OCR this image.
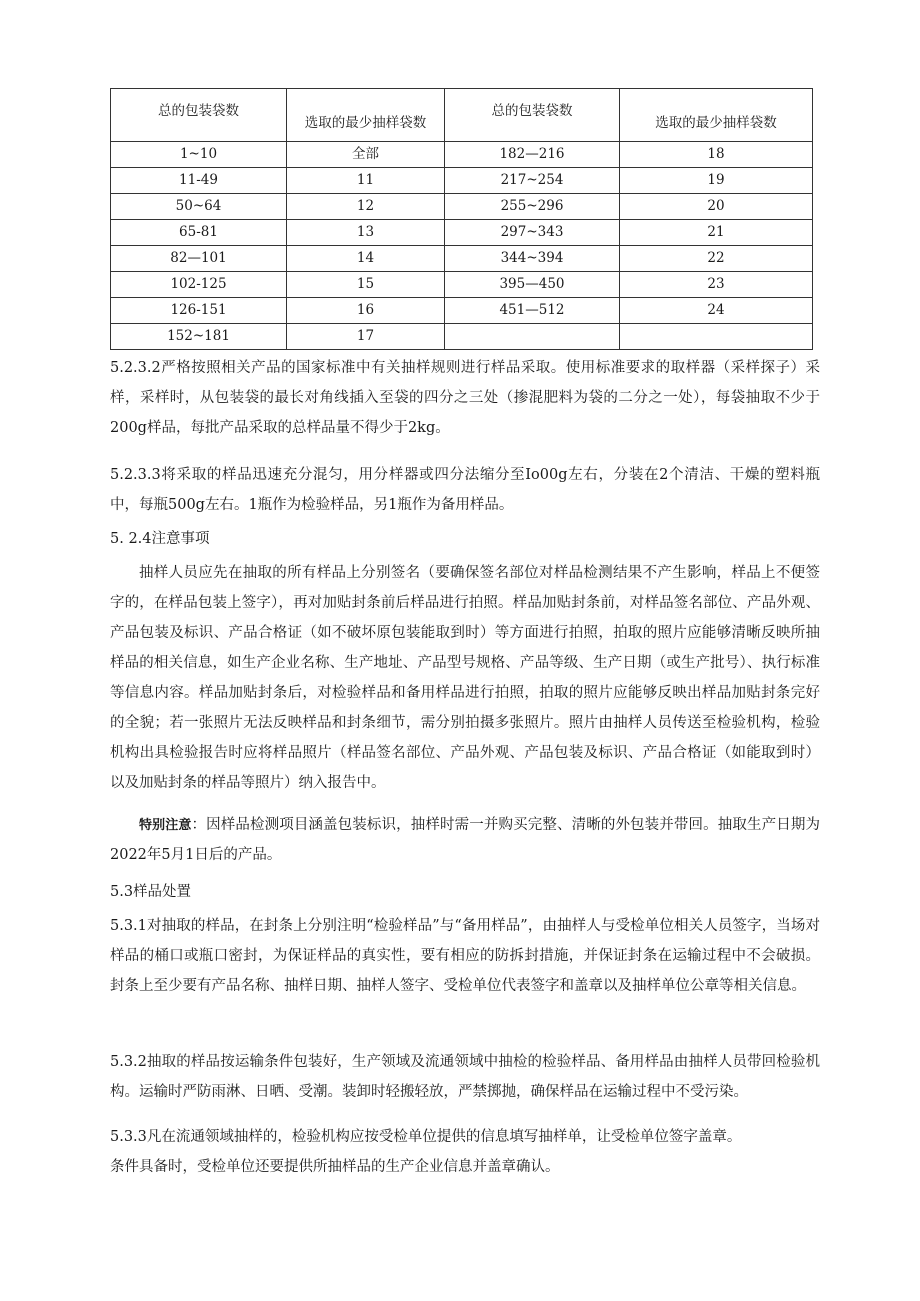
总的包装袋数	选取的最少抽样袋数	总的包装袋数	选取的最少抽样袋数

1~10	全部	182—216	18
11-49	11	217~254	19
50~64	12	255~296	20
65-81	13	297~343	21
82—101	14	344~394	22
102-125	15	395—450	23
126-151	16	451—512	24
152~181	17		

5.2.3.2严格按照相关产品的国家标准中有关抽样规则进行样品采取。使用标准要求的取样器（采样探子）采样，采样时，从包装袋的最长对角线插入至袋的四分之三处（掺混肥料为袋的二分之一处），每袋抽取不少于200g样品，每批产品采取的总样品量不得少于2kg。

5.2.3.3将采取的样品迅速充分混匀，用分样器或四分法缩分至Io00g左右，分装在2个清洁、干燥的塑料瓶中，每瓶500g左右。1瓶作为检验样品，另1瓶作为备用样品。

5. 2.4注意事项

抽样人员应先在抽取的所有样品上分别签名（要确保签名部位对样品检测结果不产生影响，样品上不便签字的，在样品包装上签字），再对加贴封条前后样品进行拍照。样品加贴封条前，对样品签名部位、产品外观、产品包装及标识、产品合格证（如不破坏原包装能取到时）等方面进行拍照，拍取的照片应能够清晰反映所抽样品的相关信息，如生产企业名称、生产地址、产品型号规格、产品等级、生产日期（或生产批号）、执行标准等信息内容。样品加贴封条后，对检验样品和备用样品进行拍照，拍取的照片应能够反映出样品加贴封条完好的全貌；若一张照片无法反映样品和封条细节，需分别拍摄多张照片。照片由抽样人员传送至检验机构，检验机构出具检验报告时应将样品照片（样品签名部位、产品外观、产品包装及标识、产品合格证（如能取到时）以及加贴封条的样品等照片）纳入报告中。

特别注意：因样品检测项目涵盖包装标识，抽样时需一并购买完整、清晰的外包装并带回。抽取生产日期为2022年5月1日后的产品。

5.3样品处置

5.3.1对抽取的样品，在封条上分别注明“检验样品”与“备用样品”，由抽样人与受检单位相关人员签字，当场对样品的桶口或瓶口密封，为保证样品的真实性，要有相应的防拆封措施，并保证封条在运输过程中不会破损。封条上至少要有产品名称、抽样日期、抽样人签字、受检单位代表签字和盖章以及抽样单位公章等相关信息。

5.3.2抽取的样品按运输条件包装好，生产领域及流通领域中抽检的检验样品、备用样品由抽样人员带回检验机构。运输时严防雨淋、日晒、受潮。装卸时轻搬轻放，严禁掷抛，确保样品在运输过程中不受污染。

5.3.3凡在流通领域抽样的，检验机构应按受检单位提供的信息填写抽样单，让受检单位签字盖章。

条件具备时，受检单位还要提供所抽样品的生产企业信息并盖章确认。
